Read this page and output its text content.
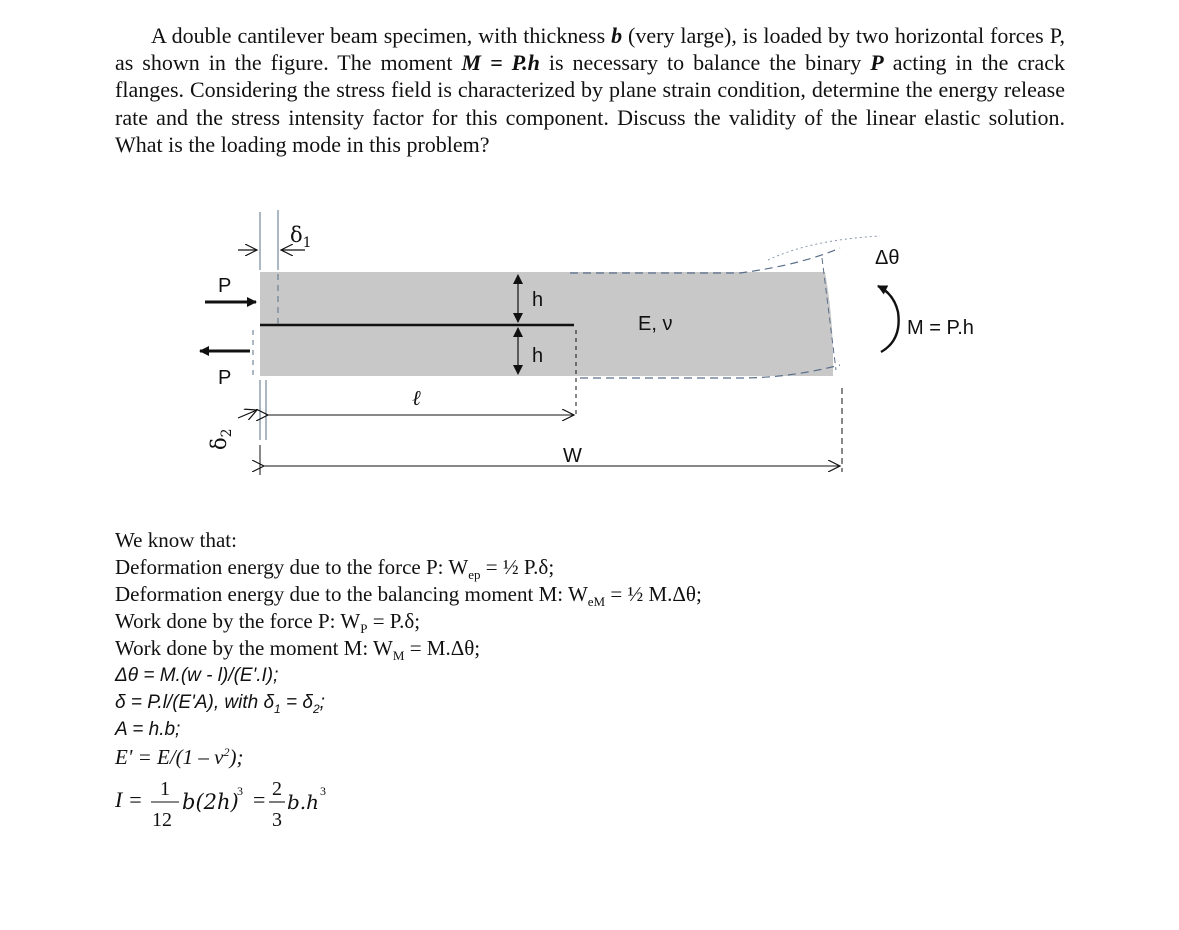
A double cantilever beam specimen, with thickness b (very large), is loaded by two horizontal forces P, as shown in the figure. The moment M = P.h is necessary to balance the binary P acting in the crack flanges. Considering the stress field is characterized by plane strain condition, determine the energy release rate and the stress intensity factor for this component. Discuss the validity of the linear elastic solution. What is the loading mode in this problem?

$\delta_1$
P
P
$\delta_2$
h
h
E, ν
ℓ
W
Δθ
M = P.h
We know that:
Deformation energy due to the force P: $W_{ep}$ = ½ P.δ;
Deformation energy due to the balancing moment M: $W_{eM}$ = ½ M.Δθ;
Work done by the force P: $W_P = P.\delta$;
Work done by the moment M: $W_M = M.\Delta\theta$;
Δθ = M.(w - l)/(E'.I);
δ = P.l/(E'A), with $\delta_1 = \delta_2$;
A = h.b;
$E' = E/(1 - \nu^2)$;
I = 1
12
b(2h)
3 = 2
3
b.h 3
